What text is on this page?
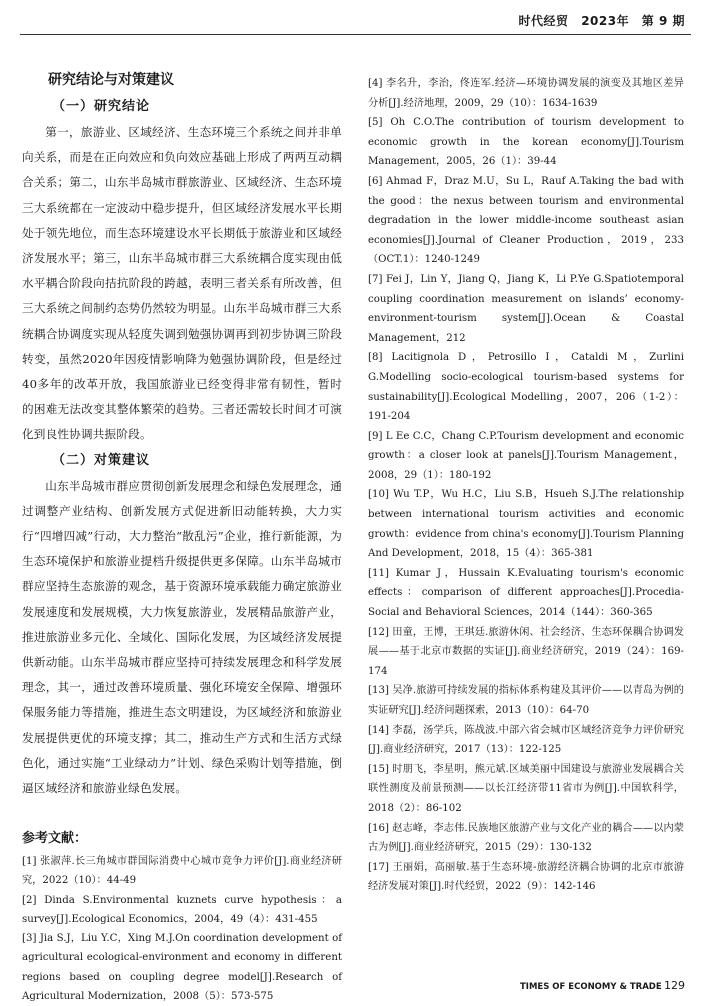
时代经贸 2023年 第 9 期
研究结论与对策建议
（一）研究结论

第一，旅游业、区域经济、生态环境三个系统之间并非单向关系，而是在正向效应和负向效应基础上形成了两两互动耦合关系；第二，山东半岛城市群旅游业、区域经济、生态环境三大系统都在一定波动中稳步提升，但区域经济发展水平长期处于领先地位，而生态环境建设水平长期低于旅游业和区域经济发展水平；第三，山东半岛城市群三大系统耦合度实现由低水平耦合阶段向拮抗阶段的跨越，表明三者关系有所改善，但三大系统之间制约态势仍然较为明显。山东半岛城市群三大系统耦合协调度实现从轻度失调到勉强协调再到初步协调三阶段转变，虽然2020年因疫情影响降为勉强协调阶段，但是经过40多年的改革开放，我国旅游业已经变得非常有韧性，暂时的困难无法改变其整体繁荣的趋势。三者还需较长时间才可演化到良性协调共振阶段。

（二）对策建议

山东半岛城市群应贯彻创新发展理念和绿色发展理念，通过调整产业结构、创新发展方式促进新旧动能转换，大力实行“四增四减”行动，大力整治“散乱污”企业，推行新能源，为生态环境保护和旅游业提档升级提供更多保障。山东半岛城市群应坚持生态旅游的观念，基于资源环境承载能力确定旅游业发展速度和发展规模，大力恢复旅游业，发展精品旅游产业，推进旅游业多元化、全域化、国际化发展，为区域经济发展提供新动能。山东半岛城市群应坚持可持续发展理念和科学发展理念，其一，通过改善环境质量、强化环境安全保障、增强环保服务能力等措施，推进生态文明建设，为区域经济和旅游业发展提供更优的环境支撑；其二，推动生产方式和生活方式绿色化，通过实施“工业绿动力”计划、绿色采购计划等措施，倒逼区域经济和旅游业绿色发展。

参考文献：

[1] 张淑萍.长三角城市群国际消费中心城市竞争力评价[J].商业经济研究，2022（10）：44-49

[2] Dinda S.Environmental kuznets curve hypothesis：a survey[J].Ecological Economics，2004，49（4）：431-455

[3] Jia S.J，Liu Y.C，Xing M.J.On coordination development of agricultural ecological-environment and economy in different regions based on coupling degree model[J].Research of Agricultural Modernization，2008（5）：573-575

[4] 李名升，李治，佟连军.经济—环境协调发展的演变及其地区差异分析[J].经济地理，2009，29（10）：1634-1639

[5] Oh C.O.The contribution of tourism development to economic growth in the korean economy[J].Tourism Management，2005，26（1）：39-44

[6] Ahmad F，Draz M.U，Su L，Rauf A.Taking the bad with the good：the nexus between tourism and environmental degradation in the lower middle-income southeast asian economies[J].Journal of Cleaner Production，2019，233（OCT.1）：1240-1249

[7] Fei J，Lin Y，Jiang Q，Jiang K，Li P.Ye G.Spatiotemporal coupling coordination measurement on islands’ economy-environment-tourism system[J].Ocean & Coastal Management，212

[8] Lacitignola D，Petrosillo I，Cataldi M，Zurlini G.Modelling socio-ecological tourism-based systems for sustainability[J].Ecological Modelling，2007，206（1-2）：191-204

[9] L Ee C.C，Chang C.P.Tourism development and economic growth：a closer look at panels[J].Tourism Management，2008，29（1）：180-192

[10] Wu T.P，Wu H.C，Liu S.B，Hsueh S.J.The relationship between international tourism activities and economic growth：evidence from china's economy[J].Tourism Planning And Development，2018，15（4）：365-381

[11] Kumar J，Hussain K.Evaluating tourism's economic effects：comparison of different approaches[J].Procedia-Social and Behavioral Sciences，2014（144）：360-365

[12] 田童，王博，王琪廷.旅游休闲、社会经济、生态环保耦合协调发展——基于北京市数据的实证[J].商业经济研究，2019（24）：169-174

[13] 吴净.旅游可持续发展的指标体系构建及其评价——以青岛为例的实证研究[J].经济问题探索，2013（10）：64-70

[14] 李磊，汤学兵，陈战波.中部六省会城市区域经济竞争力评价研究[J].商业经济研究，2017（13）：122-125

[15] 时朋飞，李星明，熊元斌.区域美丽中国建设与旅游业发展耦合关联性测度及前景预测——以长江经济带11省市为例[J].中国软科学，2018（2）：86-102

[16] 赵志峰，李志伟.民族地区旅游产业与文化产业的耦合——以内蒙古为例[J].商业经济研究，2015（29）：130-132

[17] 王丽娟，高丽敏.基于生态环境-旅游经济耦合协调的北京市旅游经济发展对策[J].时代经贸，2022（9）：142-146

TIMES OF ECONOMY & TRADE 129
